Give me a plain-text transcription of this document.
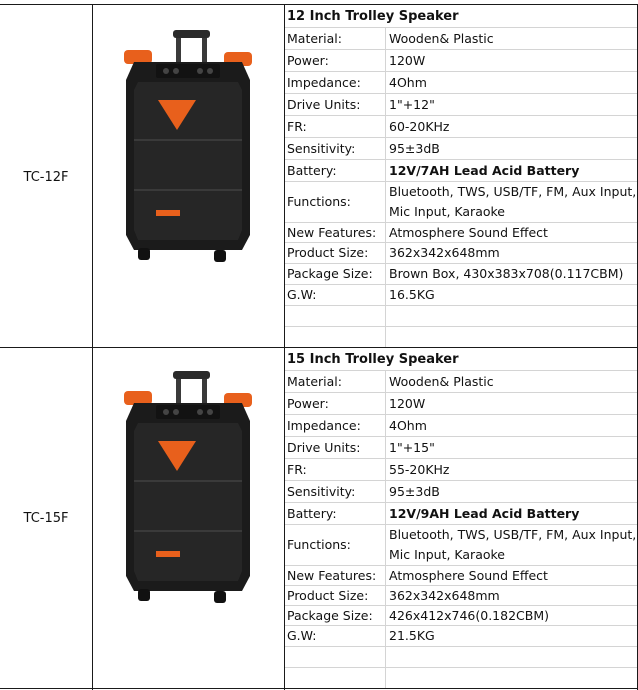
TC-12F
12 Inch Trolley Speaker
Material:	Wooden& Plastic
Power:	120W
Impedance: 4Ohm
Drive Units: 1"+12"
FR:	60-20KHz
Sensitivity:	95±3dB
Battery:	12V/7AH Lead Acid Battery
Functions:
Bluetooth, TWS, USB/TF, FM, Aux Input,
Mic Input, Karaoke
New Features: Atmosphere Sound Effect
Product Size: 362x342x648mm
Package Size: Brown Box, 430x383x708(0.117CBM)
G.W:	16.5KG
TC-15F
15 Inch Trolley Speaker
Material:	Wooden& Plastic
Power:	120W
Impedance: 4Ohm
Drive Units: 1"+15"
FR:	55-20KHz
Sensitivity:	95±3dB
Battery:	12V/9AH Lead Acid Battery
Functions:
Bluetooth, TWS, USB/TF, FM, Aux Input,
Mic Input, Karaoke
New Features: Atmosphere Sound Effect
Product Size: 362x342x648mm
Package Size: 426x412x746(0.182CBM)
G.W:	21.5KG
